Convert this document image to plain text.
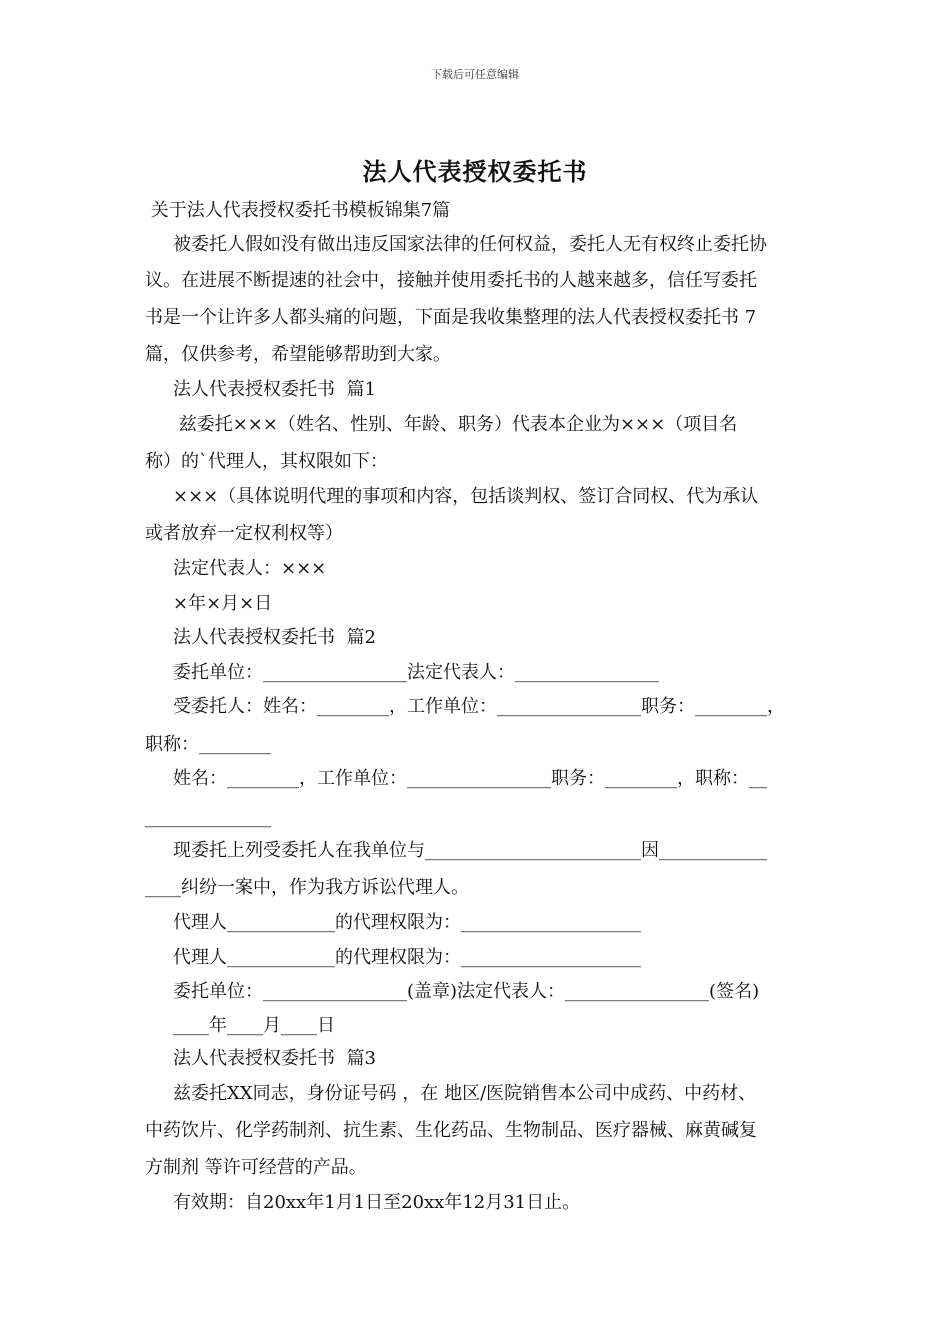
下载后可任意编辑
法人代表授权委托书
关于法人代表授权委托书模板锦集7篇
被委托人假如没有做出违反国家法律的任何权益，委托人无有权终止委托协
议。在进展不断提速的社会中，接触并使用委托书的人越来越多，信任写委托
书是一个让许多人都头痛的问题，下面是我收集整理的法人代表授权委托书 7
篇，仅供参考，希望能够帮助到大家。
法人代表授权委托书  篇1
兹委托×××（姓名、性别、年龄、职务）代表本企业为×××（项目名
称）的`代理人，其权限如下：
×××（具体说明代理的事项和内容，包括谈判权、签订合同权、代为承认
或者放弃一定权利权等）
法定代表人：×××
×年×月×日
法人代表授权委托书  篇2
委托单位：________________法定代表人：________________
受委托人：姓名：________，工作单位：________________职务：________，
职称：________
姓名：________，工作单位：________________职务：________，职称：__
______________
现委托上列受委托人在我单位与________________________因____________
____纠纷一案中，作为我方诉讼代理人。
代理人____________的代理权限为：____________________
代理人____________的代理权限为：____________________
委托单位：________________(盖章)法定代表人：________________(签名)
____年____月____日
法人代表授权委托书  篇3
兹委托XX同志，身份证号码 ，在 地区/医院销售本公司中成药、中药材、
中药饮片、化学药制剂、抗生素、生化药品、生物制品、医疗器械、麻黄碱复
方制剂 等许可经营的产品。
有效期：自20xx年1月1日至20xx年12月31日止。
